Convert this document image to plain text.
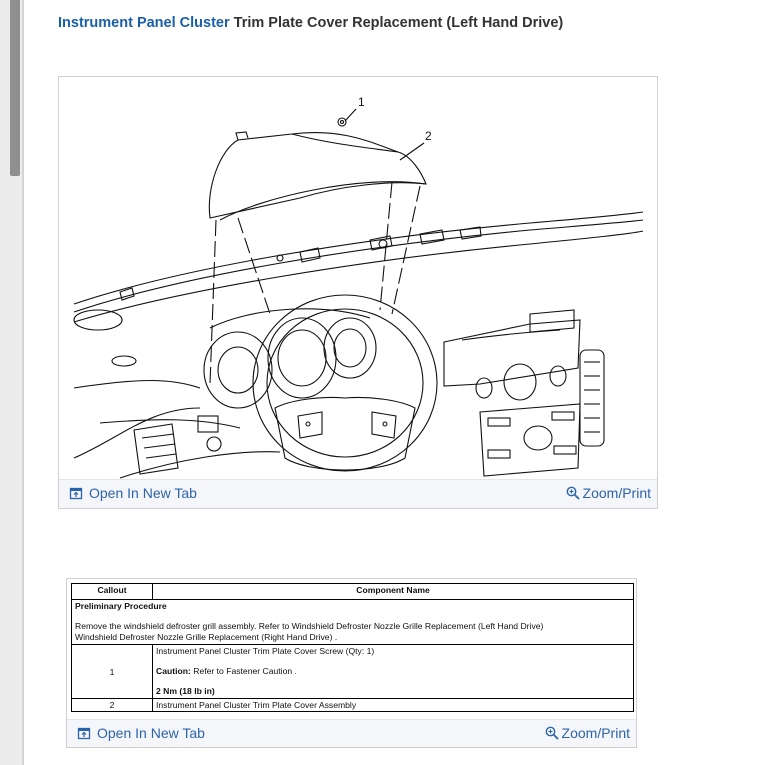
Instrument Panel Cluster Trim Plate Cover Replacement (Left Hand Drive)
1
2
Open In New Tab	Zoom/Print
Callout	Component Name

Preliminary Procedure

Remove the windshield defroster grill assembly. Refer to Windshield Defroster Nozzle Grille Replacement (Left Hand Drive)

Windshield Defroster Nozzle Grille Replacement (Right Hand Drive) .	

1	Instrument Panel Cluster Trim Plate Cover Screw (Qty: 1)

Caution: Refer to Fastener Caution .

2 Nm (18 lb in)

2	Instrument Panel Cluster Trim Plate Cover Assembly
Open In New Tab	Zoom/Print
